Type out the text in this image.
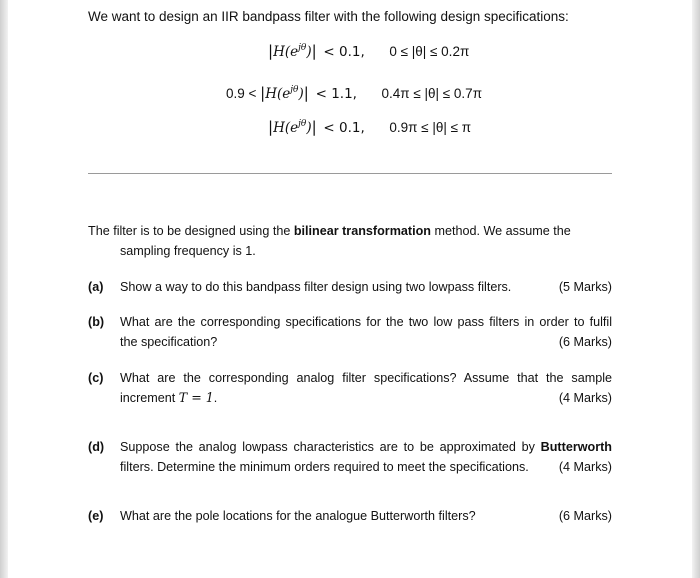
We want to design an IIR bandpass filter with the following design specifications:
$|H(e^{j\theta})| < 0.1$, 0 ≤ |θ| ≤ 0.2π
$0.9 < |H(e^{j\theta})| < 1.1$, 0.4π ≤ |θ| ≤ 0.7π
$|H(e^{j\theta})| < 0.1$, 0.9π ≤ |θ| ≤ π
The filter is to be designed using the bilinear transformation method. We assume the
sampling frequency is 1.
(a) Show a way to do this bandpass filter design using two lowpass filters.	(5 Marks)
(b) What are the corresponding specifications for the two low pass filters in order to fulfil
the specification?	(6 Marks)
(c) What are the corresponding analog filter specifications? Assume that the sample
increment T = 1.	(4 Marks)
(d) Suppose the analog lowpass characteristics are to be approximated by Butterworth
filters. Determine the minimum orders required to meet the specifications.	(4 Marks)
(e) What are the pole locations for the analogue Butterworth filters?	(6 Marks)
